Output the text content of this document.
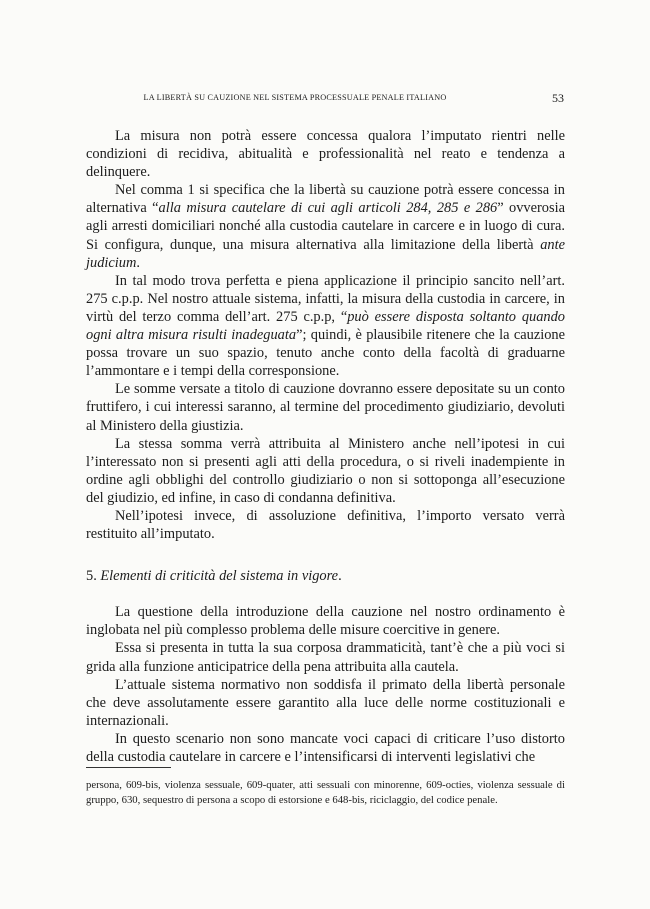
LA LIBERTÀ SU CAUZIONE NEL SISTEMA PROCESSUALE PENALE ITALIANO	53

La misura non potrà essere concessa qualora l’imputato rientri nelle condizioni di recidiva, abitualità e professionalità nel reato e tendenza a delinquere.

Nel comma 1 si specifica che la libertà su cauzione potrà essere concessa in alternativa “alla misura cautelare di cui agli articoli 284, 285 e 286” ovverosia agli arresti domiciliari nonché alla custodia cautelare in carcere e in luogo di cura. Si configura, dunque, una misura alternativa alla limitazione della libertà ante judicium.

In tal modo trova perfetta e piena applicazione il principio sancito nell’art. 275 c.p.p. Nel nostro attuale sistema, infatti, la misura della custodia in carcere, in virtù del terzo comma dell’art. 275 c.p.p, “può essere disposta soltanto quando ogni altra misura risulti inadeguata”; quindi, è plausibile ritenere che la cauzione possa trovare un suo spazio, tenuto anche conto della facoltà di graduarne l’ammontare e i tempi della corresponsione.

Le somme versate a titolo di cauzione dovranno essere depositate su un conto fruttifero, i cui interessi saranno, al termine del procedimento giudiziario, devoluti al Ministero della giustizia.

La stessa somma verrà attribuita al Ministero anche nell’ipotesi in cui l’interessato non si presenti agli atti della procedura, o si riveli inadempiente in ordine agli obblighi del controllo giudiziario o non si sottoponga all’esecuzione del giudizio, ed infine, in caso di condanna definitiva.

Nell’ipotesi invece, di assoluzione definitiva, l’importo versato verrà restituito all’imputato.

5. Elementi di criticità del sistema in vigore.

La questione della introduzione della cauzione nel nostro ordinamento è inglobata nel più complesso problema delle misure coercitive in genere.

Essa si presenta in tutta la sua corposa drammaticità, tant’è che a più voci si grida alla funzione anticipatrice della pena attribuita alla cautela.

L’attuale sistema normativo non soddisfa il primato della libertà personale che deve assolutamente essere garantito alla luce delle norme costituzionali e internazionali.

In questo scenario non sono mancate voci capaci di criticare l’uso distorto della custodia cautelare in carcere e l’intensificarsi di interventi legislativi che

persona, 609-bis, violenza sessuale, 609-quater, atti sessuali con minorenne, 609-octies, violenza sessuale di gruppo, 630, sequestro di persona a scopo di estorsione e 648-bis, riciclaggio, del codice penale.
